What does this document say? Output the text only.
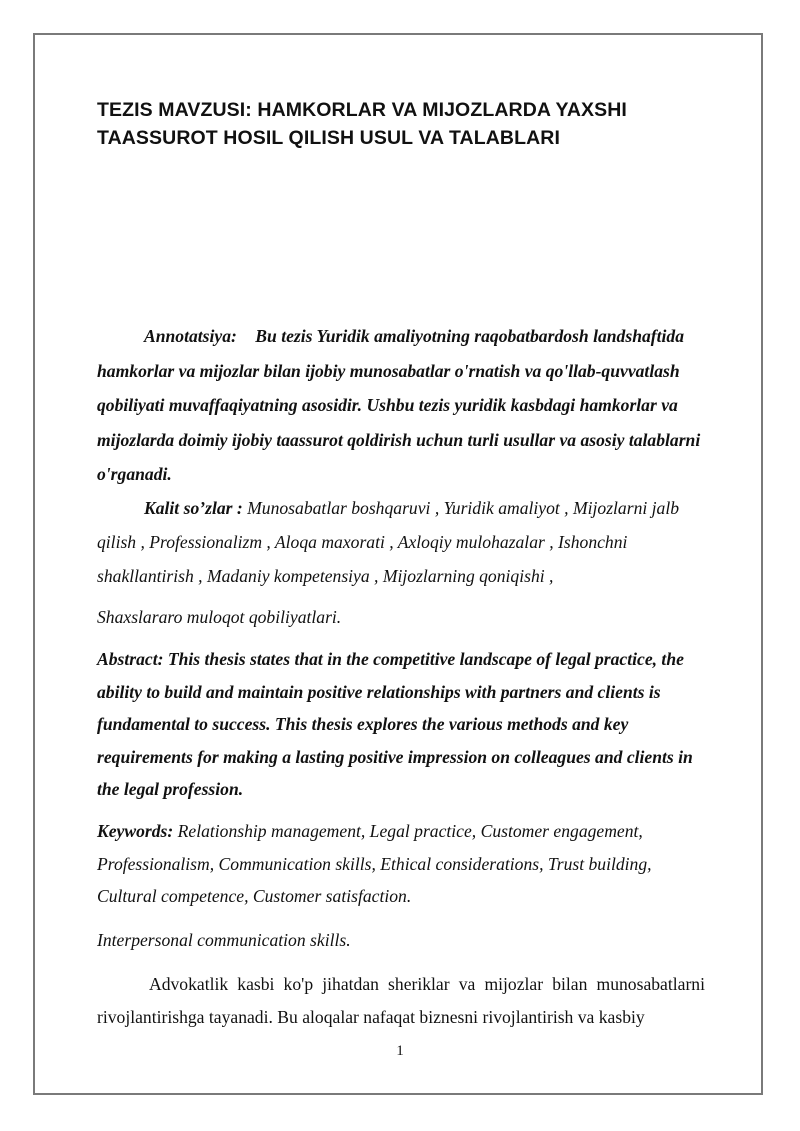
TEZIS MAVZUSI: HAMKORLAR VA MIJOZLARDA YAXSHI TAASSUROT HOSIL QILISH USUL VA TALABLARI

Annotatsiya: Bu tezis Yuridik amaliyotning raqobatbardosh landshaftida hamkorlar va mijozlar bilan ijobiy munosabatlar o'rnatish va qo'llab-quvvatlash qobiliyati muvaffaqiyatning asosidir. Ushbu tezis yuridik kasbdagi hamkorlar va mijozlarda doimiy ijobiy taassurot qoldirish uchun turli usullar va asosiy talablarni o'rganadi.

Kalit so’zlar : Munosabatlar boshqaruvi , Yuridik amaliyot , Mijozlarni jalb qilish , Professionalizm , Aloqa maxorati , Axloqiy mulohazalar , Ishonchni shakllantirish , Madaniy kompetensiya , Mijozlarning qoniqishi ,

Shaxslararo muloqot qobiliyatlari.

Abstract: This thesis states that in the competitive landscape of legal practice, the ability to build and maintain positive relationships with partners and clients is fundamental to success. This thesis explores the various methods and key requirements for making a lasting positive impression on colleagues and clients in the legal profession.

Keywords: Relationship management, Legal practice, Customer engagement, Professionalism, Communication skills, Ethical considerations, Trust building, Cultural competence, Customer satisfaction.

Interpersonal communication skills.

Advokatlik kasbi ko'p jihatdan sheriklar va mijozlar bilan munosabatlarni rivojlantirishga tayanadi. Bu aloqalar nafaqat biznesni rivojlantirish va kasbiy

1
